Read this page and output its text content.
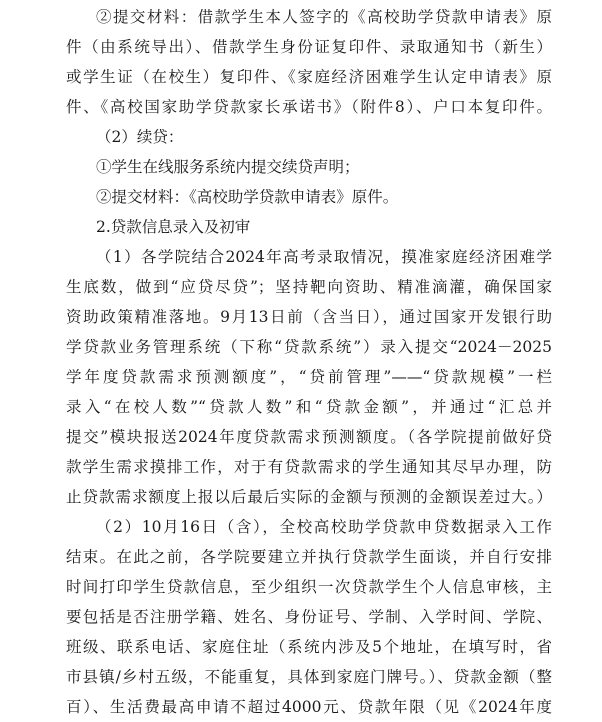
②提交材料：借款学生本人签字的《高校助学贷款申请表》原
件（由系统导出）、借款学生身份证复印件、录取通知书（新生）
或学生证（在校生）复印件、《家庭经济困难学生认定申请表》原
件、《高校国家助学贷款家长承诺书》（附件8）、户口本复印件。
（2）续贷：
①学生在线服务系统内提交续贷声明；
②提交材料：《高校助学贷款申请表》原件。
2.贷款信息录入及初审
（1）各学院结合2024年高考录取情况，摸准家庭经济困难学
生底数，做到“应贷尽贷”；坚持靶向资助、精准滴灌，确保国家
资助政策精准落地。9月13日前（含当日），通过国家开发银行助
学贷款业务管理系统（下称“贷款系统”）录入提交“2024－2025
学年度贷款需求预测额度”，“贷前管理”——“贷款规模”一栏
录入“在校人数”“贷款人数”和“贷款金额”，并通过“汇总并
提交”模块报送2024年度贷款需求预测额度。（各学院提前做好贷
款学生需求摸排工作，对于有贷款需求的学生通知其尽早办理，防
止贷款需求额度上报以后最后实际的金额与预测的金额误差过大。）
（2）10月16日（含），全校高校助学贷款申贷数据录入工作
结束。在此之前，各学院要建立并执行贷款学生面谈，并自行安排
时间打印学生贷款信息，至少组织一次贷款学生个人信息审核，主
要包括是否注册学籍、姓名、身份证号、学制、入学时间、学院、
班级、联系电话、家庭住址（系统内涉及5个地址，在填写时，省
市县镇/乡村五级，不能重复，具体到家庭门牌号。）、贷款金额（整
百）、生活费最高申请不超过4000元、贷款年限（见《2024年度
